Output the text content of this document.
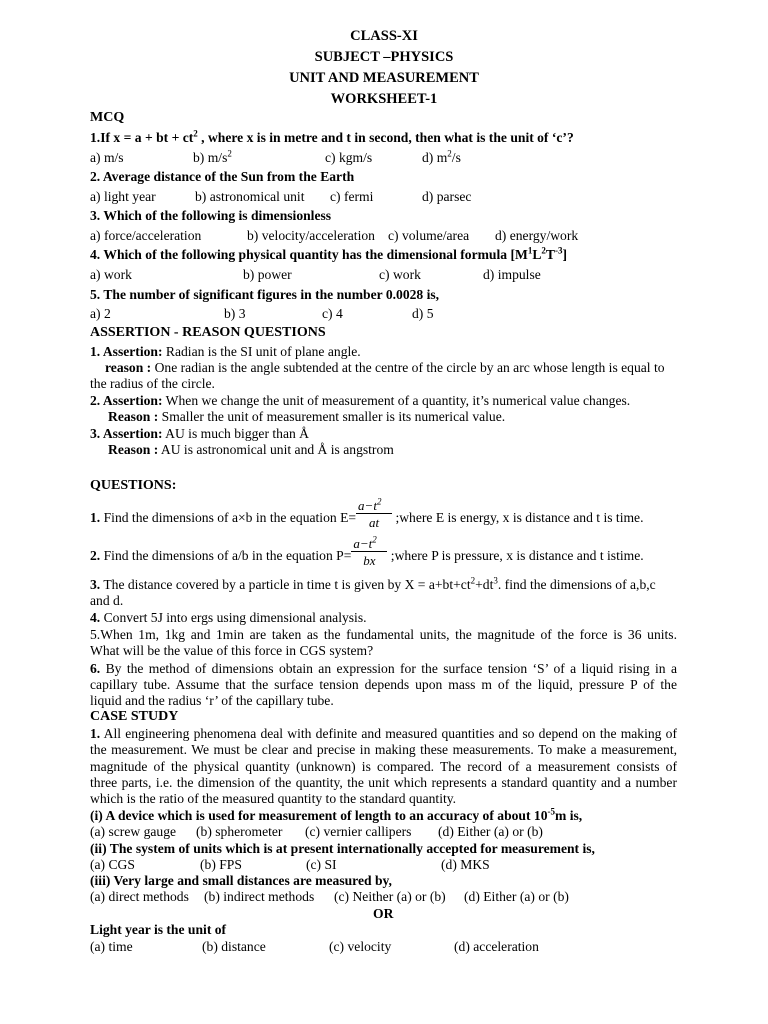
CLASS-XI
SUBJECT –PHYSICS
UNIT AND MEASUREMENT
WORKSHEET-1
MCQ
1.If x = a + bt + $ct^2$ , where x is in metre and t in second, then what is the unit of ‘c’?
a) m/s	b) $m/s^2$	c) kgm/s	d) $m^2/s$
2. Average distance of the Sun from the Earth
a) light year	b) astronomical unit c) fermi	d) parsec
3. Which of the following is dimensionless
a) force/acceleration	b) velocity/acceleration c) volume/area d) energy/work
4. Which of the following physical quantity has the dimensional formula $[M^1L^2T^{-3}]$
a) work	b) power	c) work	d) impulse
5. The number of significant figures in the number 0.0028 is,
a) 2	b) 3	c) 4	d) 5
ASSERTION - REASON QUESTIONS
1. Assertion: Radian is the SI unit of plane angle.
reason : One radian is the angle subtended at the centre of the circle by an arc whose length is equal to
the radius of the circle.
2. Assertion: When we change the unit of measurement of a quantity, it’s numerical value changes.
Reason : Smaller the unit of measurement smaller is its numerical value.
3. Assertion: AU is much bigger than Å
Reason : AU is astronomical unit and Å is angstrom
QUESTIONS:
1. Find the dimensions of a×b in the equation $E= \frac{a-t^2}{at}$ ;where E is energy, x is distance and t is time.
2. Find the dimensions of a/b in the equation $P= \frac{a-t^2}{bx}$ ;where P is pressure, x is distance and t istime.
3. The distance covered by a particle in time t is given by $X = a+bt+ct^2+dt^3$. find the dimensions of a,b,c
and d.
4. Convert 5J into ergs using dimensional analysis.
5.When 1m, 1kg and 1min are taken as the fundamental units, the magnitude of the force is 36 units.
What will be the value of this force in CGS system?
6. By the method of dimensions obtain an expression for the surface tension ‘S’ of a liquid rising in a
capillary tube. Assume that the surface tension depends upon mass m of the liquid, pressure P of the
liquid and the radius ‘r’ of the capillary tube.
CASE STUDY
1. All engineering phenomena deal with definite and measured quantities and so depend on the making of
the measurement. We must be clear and precise in making these measurements. To make a measurement,
magnitude of the physical quantity (unknown) is compared. The record of a measurement consists of
three parts, i.e. the dimension of the quantity, the unit which represents a standard quantity and a number
which is the ratio of the measured quantity to the standard quantity.
(i) A device which is used for measurement of length to an accuracy of about $10^{-5}m$ is,
(a) screw gauge (b) spherometer (c) vernier callipers (d) Either (a) or (b)
(ii) The system of units which is at present internationally accepted for measurement is,
(a) CGS	(b) FPS	(c) SI	(d) MKS
(iii) Very large and small distances are measured by,
(a) direct methods (b) indirect methods (c) Neither (a) or (b) (d) Either (a) or (b)
OR
Light year is the unit of
(a) time	(b) distance	(c) velocity	(d) acceleration
